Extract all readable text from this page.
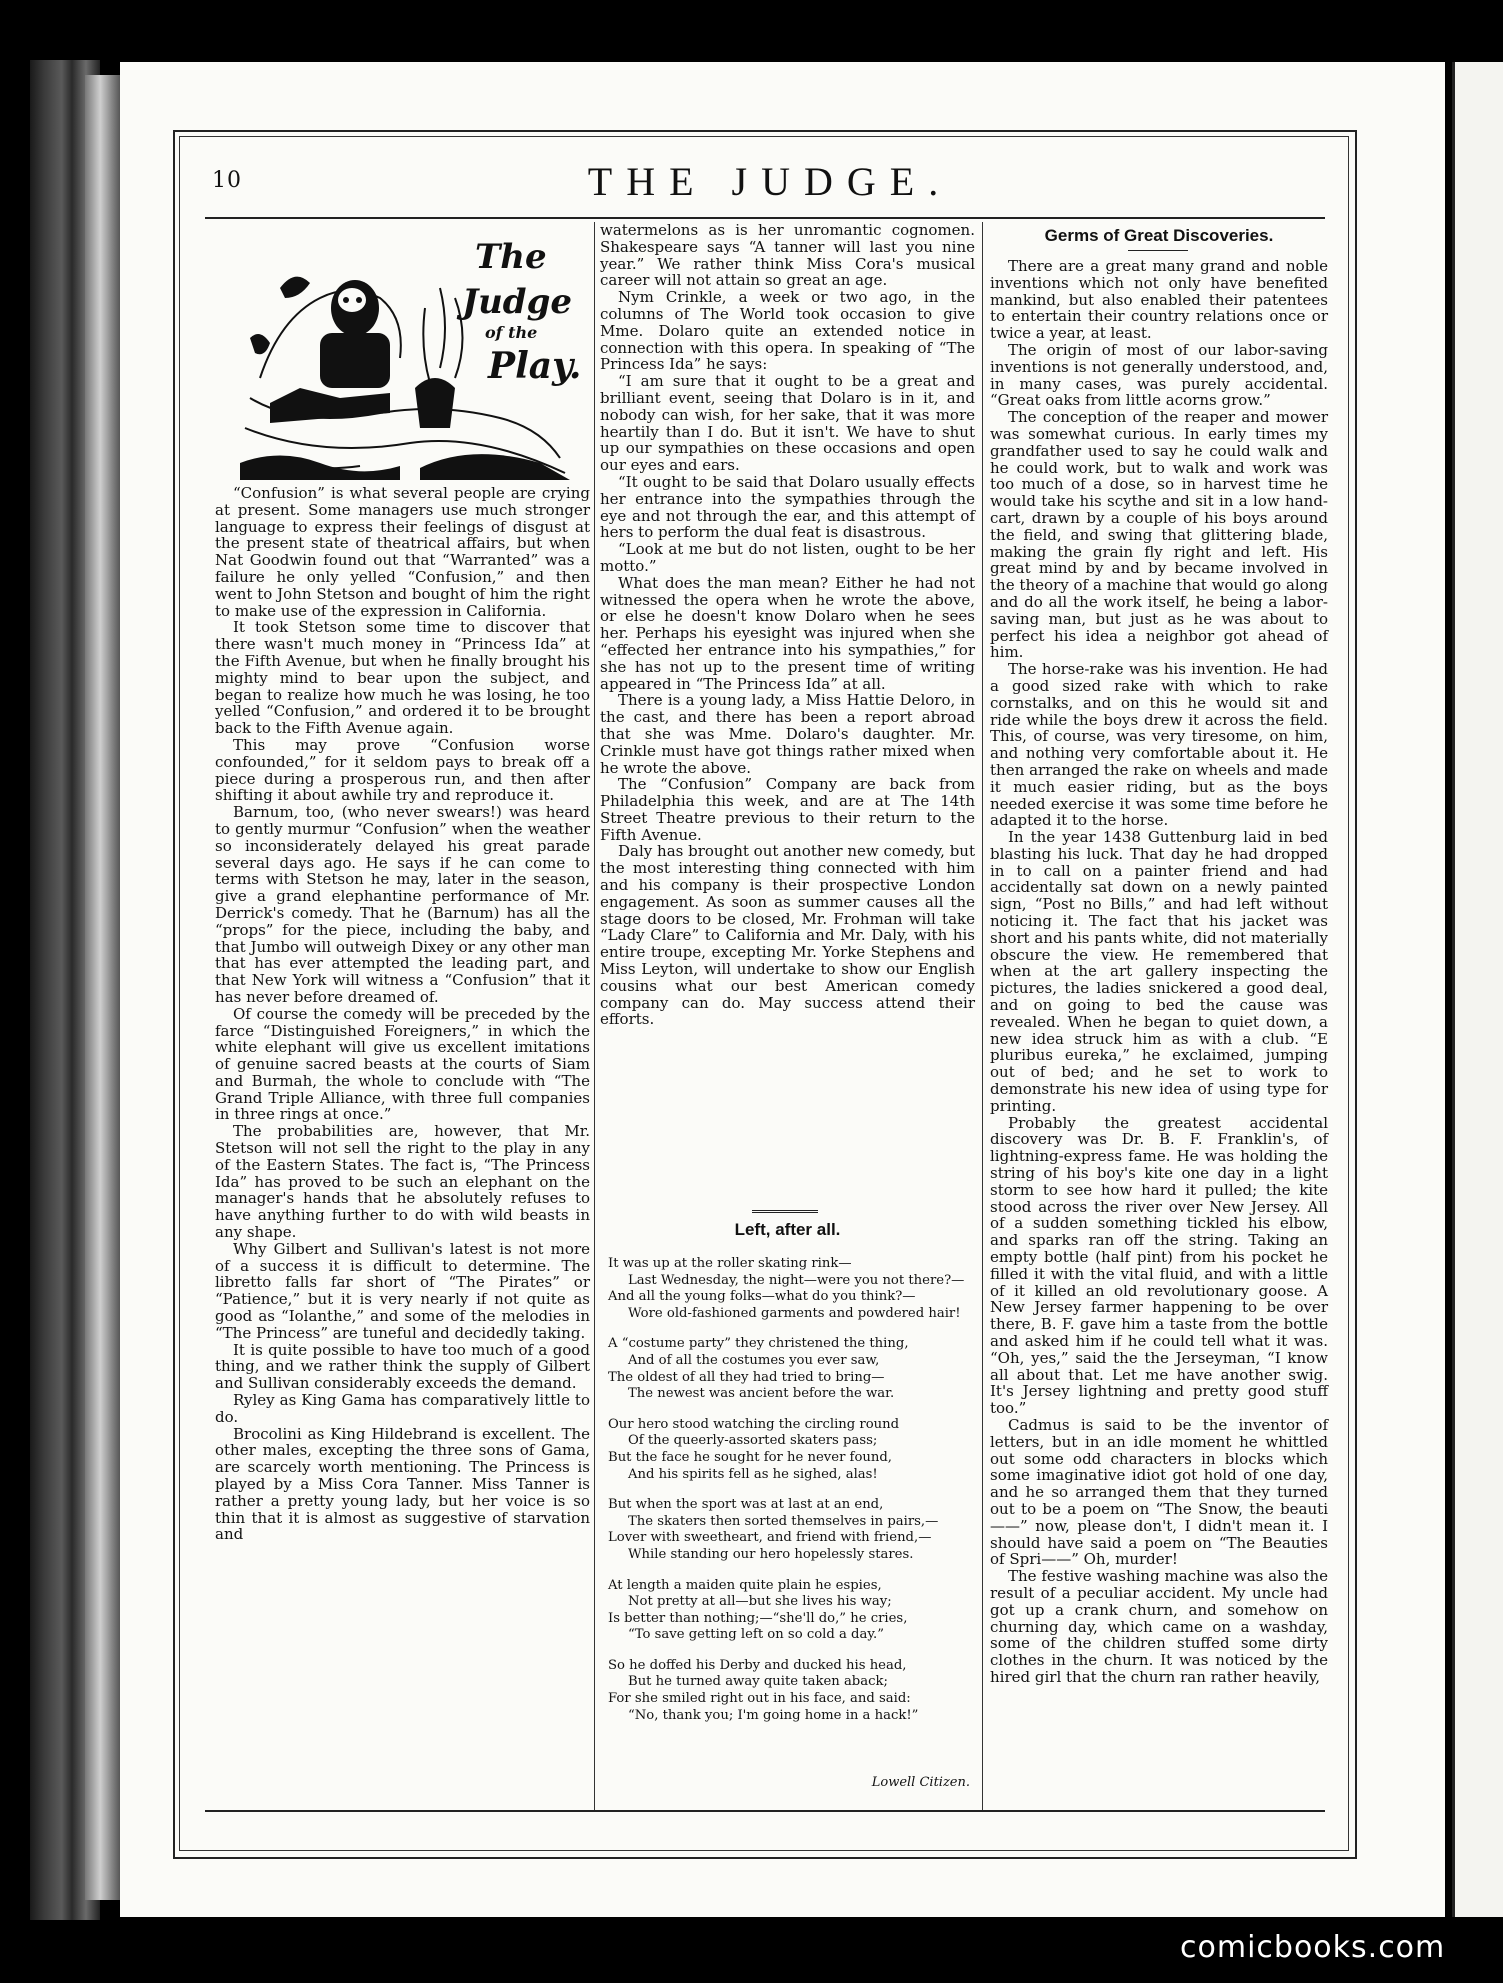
10	THE JUDGE.
The
Judge
of the
Play.

“Confusion” is what several people are crying at present. Some managers use much stronger language to express their feelings of disgust at the present state of theatrical affairs, but when Nat Goodwin found out that “Warranted” was a failure he only yelled “Confusion,” and then went to John Stetson and bought of him the right to make use of the expression in California.

It took Stetson some time to discover that there wasn't much money in “Princess Ida” at the Fifth Avenue, but when he finally brought his mighty mind to bear upon the subject, and began to realize how much he was losing, he too yelled “Confusion,” and ordered it to be brought back to the Fifth Avenue again.

This may prove “Confusion worse confounded,” for it seldom pays to break off a piece during a prosperous run, and then after shifting it about awhile try and reproduce it.

Barnum, too, (who never swears!) was heard to gently murmur “Confusion” when the weather so inconsiderately delayed his great parade several days ago. He says if he can come to terms with Stetson he may, later in the season, give a grand elephantine performance of Mr. Derrick's comedy. That he (Barnum) has all the “props” for the piece, including the baby, and that Jumbo will outweigh Dixey or any other man that has ever attempted the leading part, and that New York will witness a “Confusion” that it has never before dreamed of.

Of course the comedy will be preceded by the farce “Distinguished Foreigners,” in which the white elephant will give us excellent imitations of genuine sacred beasts at the courts of Siam and Burmah, the whole to conclude with “The Grand Triple Alliance, with three full companies in three rings at once.”

The probabilities are, however, that Mr. Stetson will not sell the right to the play in any of the Eastern States. The fact is, “The Princess Ida” has proved to be such an elephant on the manager's hands that he absolutely refuses to have anything further to do with wild beasts in any shape.

Why Gilbert and Sullivan's latest is not more of a success it is difficult to determine. The libretto falls far short of “The Pirates” or “Patience,” but it is very nearly if not quite as good as “Iolanthe,” and some of the melodies in “The Princess” are tuneful and decidedly taking.

It is quite possible to have too much of a good thing, and we rather think the supply of Gilbert and Sullivan considerably exceeds the demand.

Ryley as King Gama has comparatively little to do.

Brocolini as King Hildebrand is excellent. The other males, excepting the three sons of Gama, are scarcely worth mentioning. The Princess is played by a Miss Cora Tanner. Miss Tanner is rather a pretty young lady, but her voice is so thin that it is almost as suggestive of starvation and

watermelons as is her unromantic cognomen. Shakespeare says “A tanner will last you nine year.” We rather think Miss Cora's musical career will not attain so great an age.

Nym Crinkle, a week or two ago, in the columns of The World took occasion to give Mme. Dolaro quite an extended notice in connection with this opera. In speaking of “The Princess Ida” he says:

“I am sure that it ought to be a great and brilliant event, seeing that Dolaro is in it, and nobody can wish, for her sake, that it was more heartily than I do. But it isn't. We have to shut up our sympathies on these occasions and open our eyes and ears.

“It ought to be said that Dolaro usually effects her entrance into the sympathies through the eye and not through the ear, and this attempt of hers to perform the dual feat is disastrous.

“Look at me but do not listen, ought to be her motto.”

What does the man mean? Either he had not witnessed the opera when he wrote the above, or else he doesn't know Dolaro when he sees her. Perhaps his eyesight was injured when she “effected her entrance into his sympathies,” for she has not up to the present time of writing appeared in “The Princess Ida” at all.

There is a young lady, a Miss Hattie Deloro, in the cast, and there has been a report abroad that she was Mme. Dolaro's daughter. Mr. Crinkle must have got things rather mixed when he wrote the above.

The “Confusion” Company are back from Philadelphia this week, and are at The 14th Street Theatre previous to their return to the Fifth Avenue.

Daly has brought out another new comedy, but the most interesting thing connected with him and his company is their prospective London engagement. As soon as summer causes all the stage doors to be closed, Mr. Frohman will take “Lady Clare” to California and Mr. Daly, with his entire troupe, excepting Mr. Yorke Stephens and Miss Leyton, will undertake to show our English cousins what our best American comedy company can do. May success attend their efforts.

Left, after all.
It was up at the roller skating rink—
Last Wednesday, the night—were you not there?—
And all the young folks—what do you think?—
Wore old-fashioned garments and powdered hair!
A “costume party” they christened the thing,
And of all the costumes you ever saw,
The oldest of all they had tried to bring—
The newest was ancient before the war.
Our hero stood watching the circling round
Of the queerly-assorted skaters pass;
But the face he sought for he never found,
And his spirits fell as he sighed, alas!
But when the sport was at last at an end,
The skaters then sorted themselves in pairs,—
Lover with sweetheart, and friend with friend,—
While standing our hero hopelessly stares.
At length a maiden quite plain he espies,
Not pretty at all—but she lives his way;
Is better than nothing;—“she'll do,” he cries,
“To save getting left on so cold a day.”
So he doffed his Derby and ducked his head,
But he turned away quite taken aback;
For she smiled right out in his face, and said:
“No, thank you; I'm going home in a hack!”
Lowell Citizen.
Germs of Great Discoveries.

There are a great many grand and noble inventions which not only have benefited mankind, but also enabled their patentees to entertain their country relations once or twice a year, at least.

The origin of most of our labor-saving inventions is not generally understood, and, in many cases, was purely accidental. “Great oaks from little acorns grow.”

The conception of the reaper and mower was somewhat curious. In early times my grandfather used to say he could walk and he could work, but to walk and work was too much of a dose, so in harvest time he would take his scythe and sit in a low hand-cart, drawn by a couple of his boys around the field, and swing that glittering blade, making the grain fly right and left. His great mind by and by became involved in the theory of a machine that would go along and do all the work itself, he being a labor-saving man, but just as he was about to perfect his idea a neighbor got ahead of him.

The horse-rake was his invention. He had a good sized rake with which to rake cornstalks, and on this he would sit and ride while the boys drew it across the field. This, of course, was very tiresome, on him, and nothing very comfortable about it. He then arranged the rake on wheels and made it much easier riding, but as the boys needed exercise it was some time before he adapted it to the horse.

In the year 1438 Guttenburg laid in bed blasting his luck. That day he had dropped in to call on a painter friend and had accidentally sat down on a newly painted sign, “Post no Bills,” and had left without noticing it. The fact that his jacket was short and his pants white, did not materially obscure the view. He remembered that when at the art gallery inspecting the pictures, the ladies snickered a good deal, and on going to bed the cause was revealed. When he began to quiet down, a new idea struck him as with a club. “E pluribus eureka,” he exclaimed, jumping out of bed; and he set to work to demonstrate his new idea of using type for printing.

Probably the greatest accidental discovery was Dr. B. F. Franklin's, of lightning-express fame. He was holding the string of his boy's kite one day in a light storm to see how hard it pulled; the kite stood across the river over New Jersey. All of a sudden something tickled his elbow, and sparks ran off the string. Taking an empty bottle (half pint) from his pocket he filled it with the vital fluid, and with a little of it killed an old revolutionary goose. A New Jersey farmer happening to be over there, B. F. gave him a taste from the bottle and asked him if he could tell what it was. “Oh, yes,” said the the Jerseyman, “I know all about that. Let me have another swig. It's Jersey lightning and pretty good stuff too.”

Cadmus is said to be the inventor of letters, but in an idle moment he whittled out some odd characters in blocks which some imaginative idiot got hold of one day, and he so arranged them that they turned out to be a poem on “The Snow, the beauti——” now, please don't, I didn't mean it. I should have said a poem on “The Beauties of Spri——” Oh, murder!

The festive washing machine was also the result of a peculiar accident. My uncle had got up a crank churn, and somehow on churning day, which came on a washday, some of the children stuffed some dirty clothes in the churn. It was noticed by the hired girl that the churn ran rather heavily,

comicbooks.com
